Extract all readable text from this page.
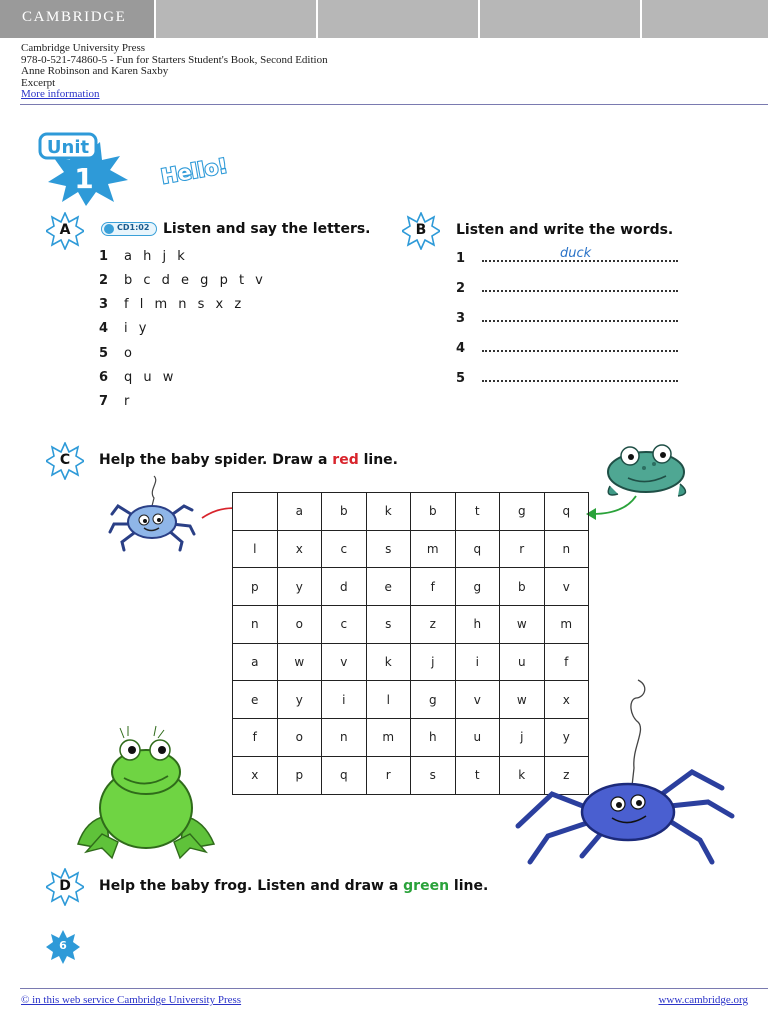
CAMBRIDGE
Cambridge University Press
978-0-521-74860-5 - Fun for Starters Student's Book, Second Edition
Anne Robinson and Karen Saxby
Excerpt
More information
Unit
1	Hello!
A	CD1:02 Listen and say the letters.
1 a h j k
2 b c d e g p t v
3 f l m n s x z
4 i y
5 o
6 q u w
7 r
B	Listen and write the words.
duck
1
2
3
4
5
C	Help the baby spider. Draw a red line.
	a	b	k	b	t	g	q
l	x	c	s	m	q	r	n
p	y	d	e	f	g	b	v
n	o	c	s	z	h	w	m
a	w	v	k	j	i	u	f
e	y	i	l	g	v	w	x
f	o	n	m	h	u	j	y
x	p	q	r	s	t	k	z
D	Help the baby frog. Listen and draw a green line.
6
© in this web service Cambridge University Press	www.cambridge.org
